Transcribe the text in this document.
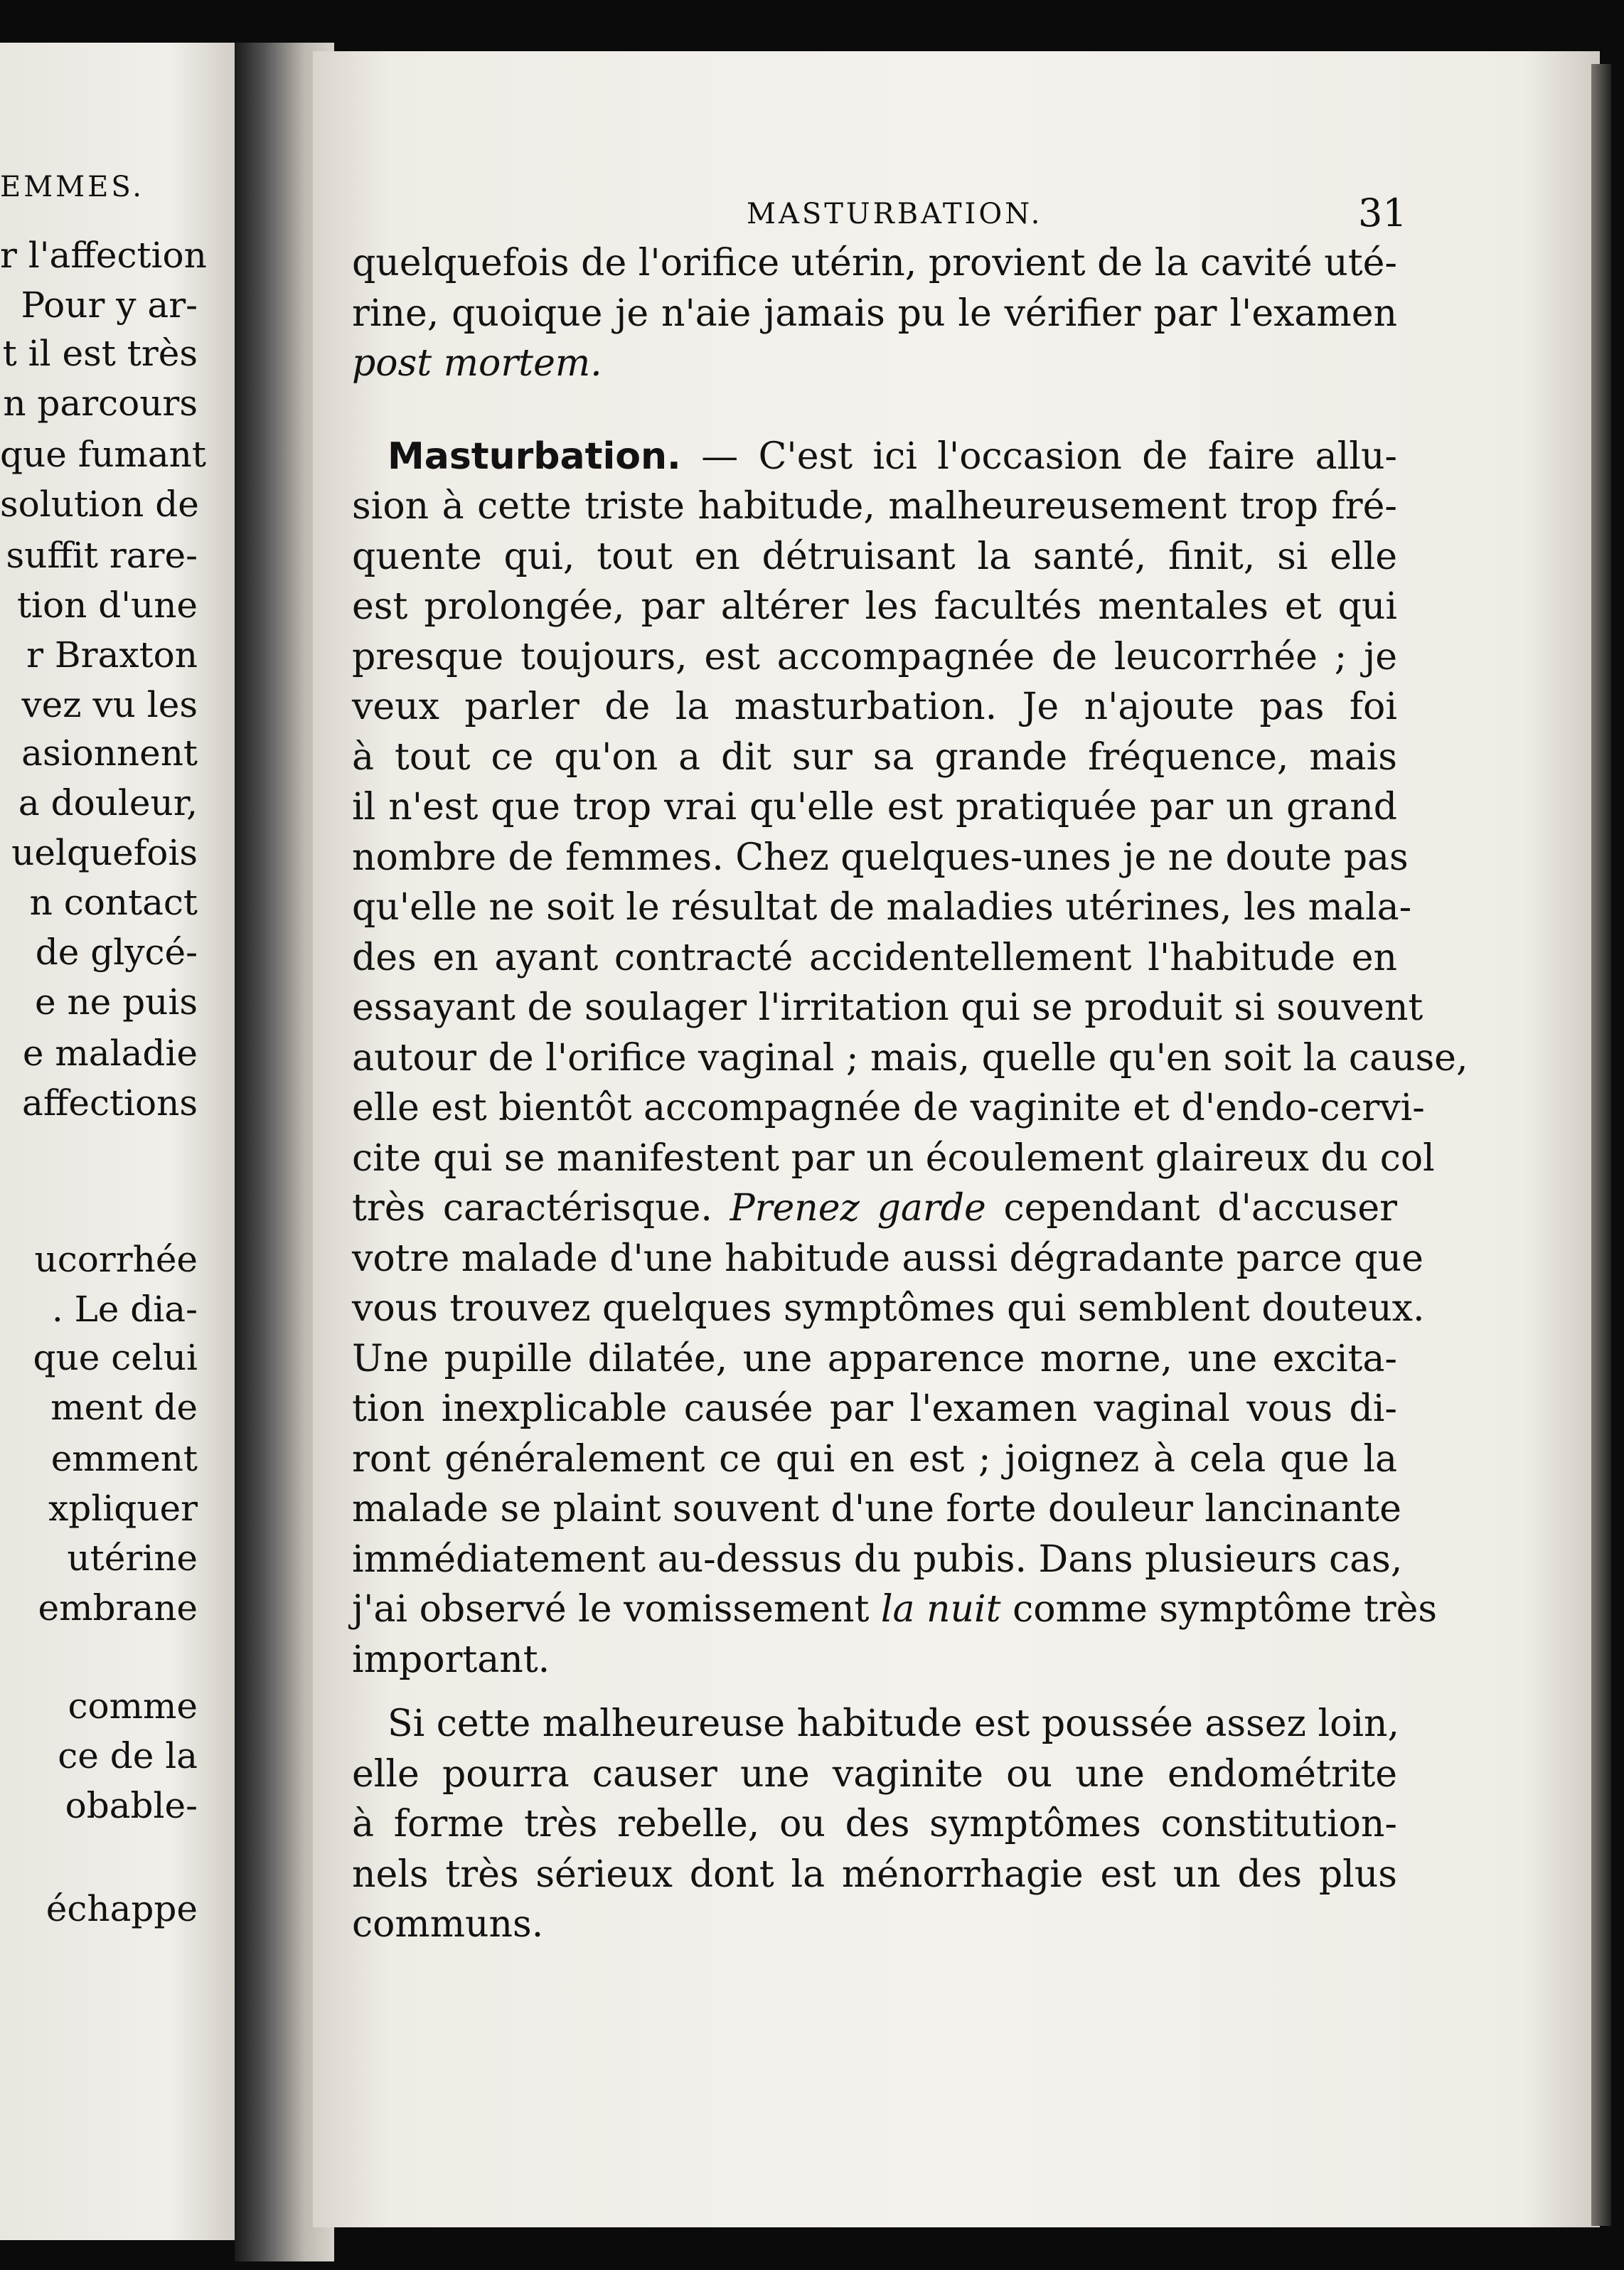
EMMES.
r l'affection
Pour y ar-
t il est très
n parcours
que fumant
solution de
suffit rare-
tion d'une
r Braxton
vez vu les
asionnent
a douleur,
uelquefois
n contact
de glycé-
e ne puis
e maladie
affections
ucorrhée
. Le dia-
que celui
ment de
emment
xpliquer
utérine
embrane
comme
ce de la
obable-
échappe
MASTURBATION.	31
quelquefois de l'orifice utérin, provient de la cavité uté-
rine, quoique je n'aie jamais pu le vérifier par l'examen
post mortem.
Masturbation. — C'est ici l'occasion de faire allu-
sion à cette triste habitude, malheureusement trop fré-
quente qui, tout en détruisant la santé, finit, si elle
est prolongée, par altérer les facultés mentales et qui
presque toujours, est accompagnée de leucorrhée ; je
veux parler de la masturbation. Je n'ajoute pas foi
à tout ce qu'on a dit sur sa grande fréquence, mais
il n'est que trop vrai qu'elle est pratiquée par un grand
nombre de femmes. Chez quelques-unes je ne doute pas
qu'elle ne soit le résultat de maladies utérines, les mala-
des en ayant contracté accidentellement l'habitude en
essayant de soulager l'irritation qui se produit si souvent
autour de l'orifice vaginal ; mais, quelle qu'en soit la cause,
elle est bientôt accompagnée de vaginite et d'endo-cervi-
cite qui se manifestent par un écoulement glaireux du col
très caractérisque. Prenez garde cependant d'accuser
votre malade d'une habitude aussi dégradante parce que
vous trouvez quelques symptômes qui semblent douteux.
Une pupille dilatée, une apparence morne, une excita-
tion inexplicable causée par l'examen vaginal vous di-
ront généralement ce qui en est ; joignez à cela que la
malade se plaint souvent d'une forte douleur lancinante
immédiatement au-dessus du pubis. Dans plusieurs cas,
j'ai observé le vomissement la nuit comme symptôme très
important.
Si cette malheureuse habitude est poussée assez loin,
elle pourra causer une vaginite ou une endométrite
à forme très rebelle, ou des symptômes constitution-
nels très sérieux dont la ménorrhagie est un des plus
communs.
